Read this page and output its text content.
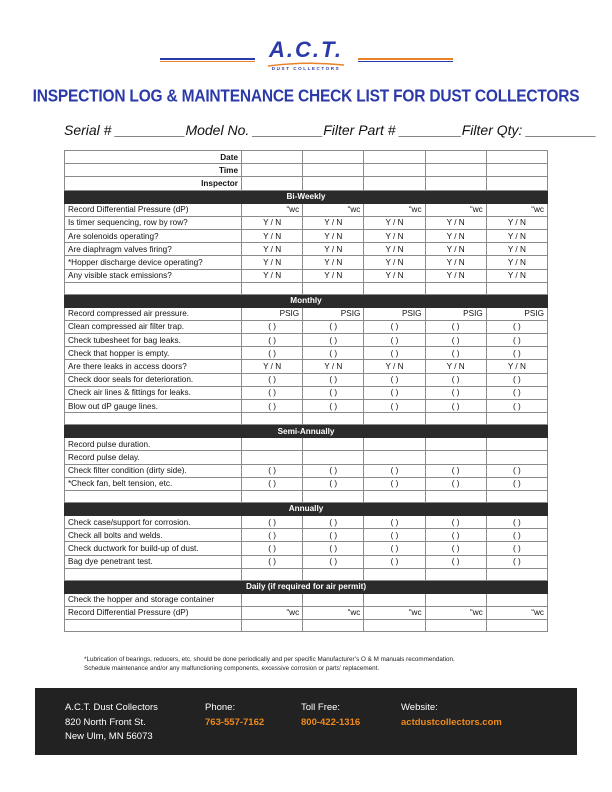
A.C.T.
DUST COLLECTORS
INSPECTION LOG & MAINTENANCE CHECK LIST FOR DUST COLLECTORS
Serial # _________ Model No. _________ Filter Part # ________ Filter Qty: _________
Date					
Time					
Inspector					
Bi-Weekly					
Record Differential Pressure (dP)	“wc	“wc	“wc	“wc	“wc
Is timer sequencing, row by row?	Y / N	Y / N	Y / N	Y / N	Y / N
Are solenoids operating?	Y / N	Y / N	Y / N	Y / N	Y / N
Are diaphragm valves firing?	Y / N	Y / N	Y / N	Y / N	Y / N
*Hopper discharge device operating?	Y / N	Y / N	Y / N	Y / N	Y / N
Any visible stack emissions?	Y / N	Y / N	Y / N	Y / N	Y / N

Monthly					
Record compressed air pressure.	PSIG	PSIG	PSIG	PSIG	PSIG
Clean compressed air filter trap.	( )	( )	( )	( )	( )
Check tubesheet for bag leaks.	( )	( )	( )	( )	( )
Check that hopper is empty.	( )	( )	( )	( )	( )
Are there leaks in access doors?	Y / N	Y / N	Y / N	Y / N	Y / N
Check door seals for deterioration.	( )	( )	( )	( )	( )
Check air lines & fittings for leaks.	( )	( )	( )	( )	( )
Blow out dP gauge lines.	( )	( )	( )	( )	( )

Semi-Annually					
Record pulse duration.					
Record pulse delay.					
Check filter condition (dirty side).	( )	( )	( )	( )	( )
*Check fan, belt tension, etc.	( )	( )	( )	( )	( )

Annually					
Check case/support for corrosion.	( )	( )	( )	( )	( )
Check all bolts and welds.	( )	( )	( )	( )	( )
Check ductwork for build-up of dust.	( )	( )	( )	( )	( )
Bag dye penetrant test.	( )	( )	( )	( )	( )

Daily (if required for air permit)					
Check the hopper and storage container					
Record Differential Pressure (dP)	“wc	“wc	“wc	“wc	“wc

*Lubrication of bearings, reducers, etc. should be done periodically and per specific Manufacturer’s O & M manuals recommendation.
Schedule maintenance and/or any malfunctioning components, excessive corrosion or parts’ replacement.
A.C.T. Dust Collectors
820 North Front St.
New Ulm, MN 56073
Phone:
763-557-7162
Toll Free:
800-422-1316
Website:
actdustcollectors.com
